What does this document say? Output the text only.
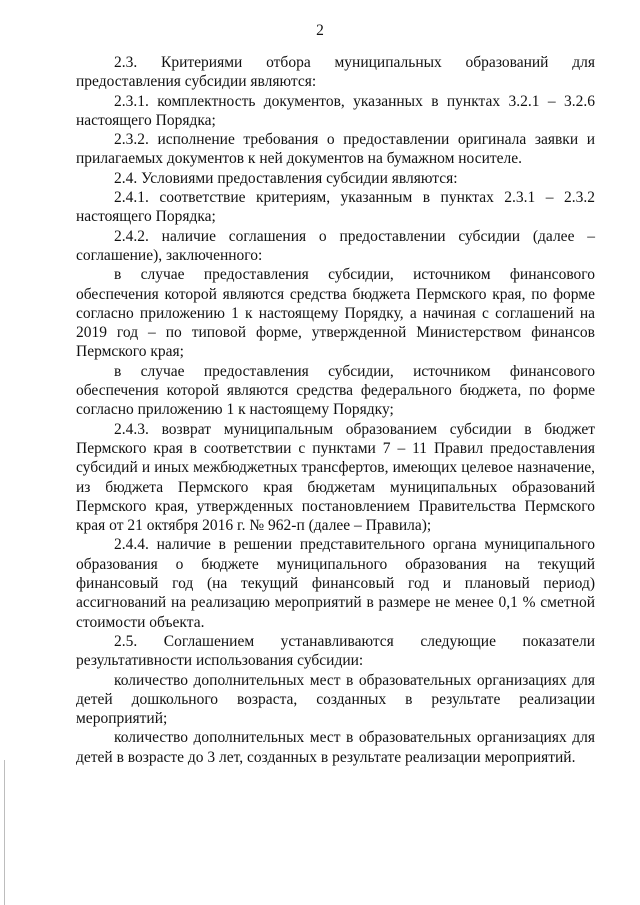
2

2.3. Критериями отбора муниципальных образований для предоставления субсидии являются:

2.3.1. комплектность документов, указанных в пунктах 3.2.1 – 3.2.6 настоящего Порядка;

2.3.2. исполнение требования о предоставлении оригинала заявки и прилагаемых документов к ней документов на бумажном носителе.

2.4. Условиями предоставления субсидии являются:

2.4.1. соответствие критериям, указанным в пунктах 2.3.1 – 2.3.2 настоящего Порядка;

2.4.2. наличие соглашения о предоставлении субсидии (далее – соглашение), заключенного:

в случае предоставления субсидии, источником финансового обеспечения которой являются средства бюджета Пермского края, по форме согласно приложению 1 к настоящему Порядку, а начиная с соглашений на 2019 год – по типовой форме, утвержденной Министерством финансов Пермского края;

в случае предоставления субсидии, источником финансового обеспечения которой являются средства федерального бюджета, по форме согласно приложению 1 к настоящему Порядку;

2.4.3. возврат муниципальным образованием субсидии в бюджет Пермского края в соответствии с пунктами 7 – 11 Правил предоставления субсидий и иных межбюджетных трансфертов, имеющих целевое назначение, из бюджета Пермского края бюджетам муниципальных образований Пермского края, утвержденных постановлением Правительства Пермского края от 21 октября 2016 г. № 962-п (далее – Правила);

2.4.4. наличие в решении представительного органа муниципального образования о бюджете муниципального образования на текущий финансовый год (на текущий финансовый год и плановый период) ассигнований на реализацию мероприятий в размере не менее 0,1 % сметной стоимости объекта.

2.5. Соглашением устанавливаются следующие показатели результативности использования субсидии:

количество дополнительных мест в образовательных организациях для детей дошкольного возраста, созданных в результате реализации мероприятий;

количество дополнительных мест в образовательных организациях для детей в возрасте до 3 лет, созданных в результате реализации мероприятий.
